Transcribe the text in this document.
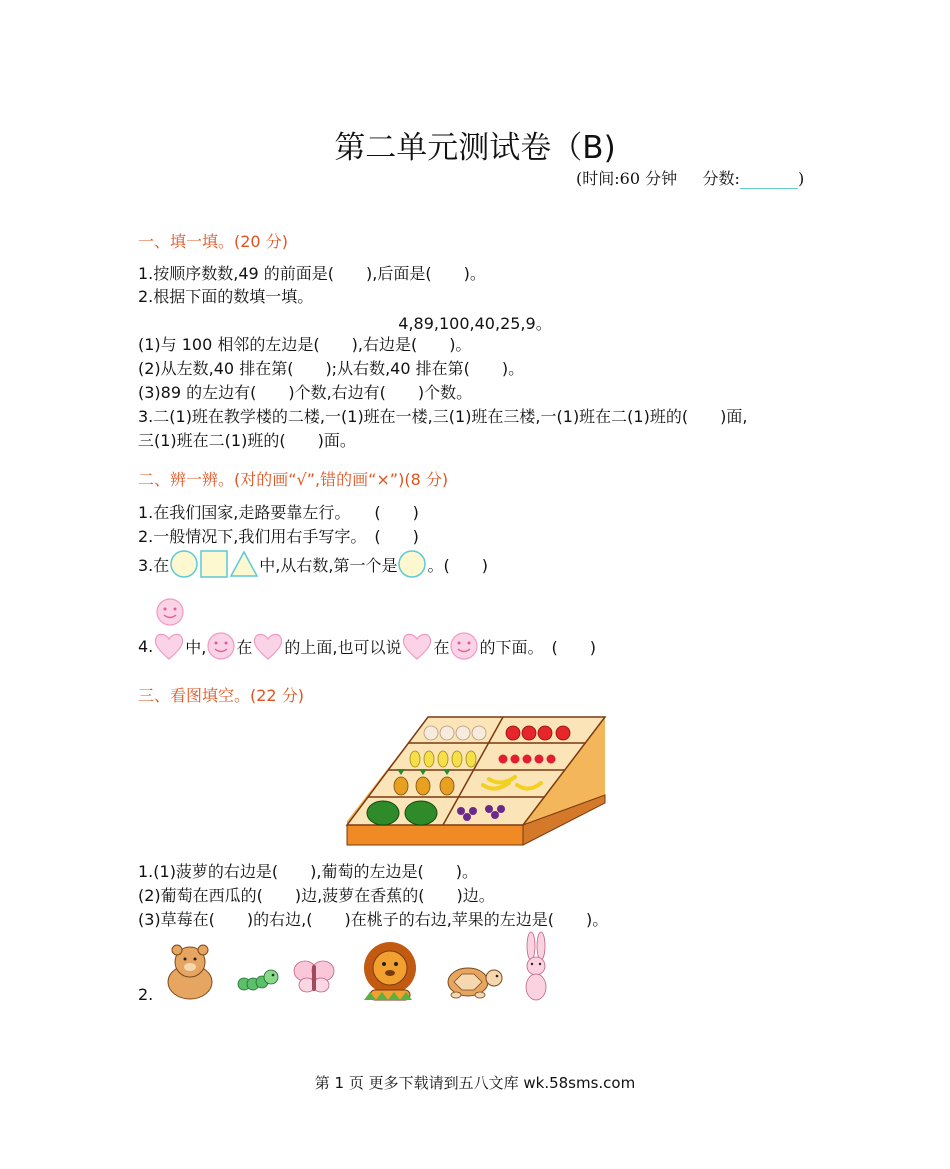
第二单元测试卷（B)
(时间:60 分钟 分数:	)
一、填一填。(20 分)
1.按顺序数数,49 的前面是(　　),后面是(　　)。
2.根据下面的数填一填。
4,89,100,40,25,9。
(1)与 100 相邻的左边是(　　),右边是(　　)。
(2)从左数,40 排在第(　　);从右数,40 排在第(　　)。
(3)89 的左边有(　　)个数,右边有(　　)个数。
3.二(1)班在教学楼的二楼,一(1)班在一楼,三(1)班在三楼,一(1)班在二(1)班的(　　)面,
三(1)班在二(1)班的(　　)面。
二、辨一辨。(对的画“√”,错的画“×”)(8 分)
1.在我们国家,走路要靠左行。　　(　　)
2.一般情况下,我们用右手写字。　(　　)
3.在	中,从右数,第一个是 。(　　)
4. 中, 在 的上面,也可以说 在 的下面。　(　　)
三、看图填空。(22 分)
1.(1)菠萝的右边是(　　),葡萄的左边是(　　)。
(2)葡萄在西瓜的(　　)边,菠萝在香蕉的(　　)边。
(3)草莓在(　　)的右边,(　　)在桃子的右边,苹果的左边是(　　)。
2.
第 1 页 更多下载请到五八文库 wk.58sms.com
